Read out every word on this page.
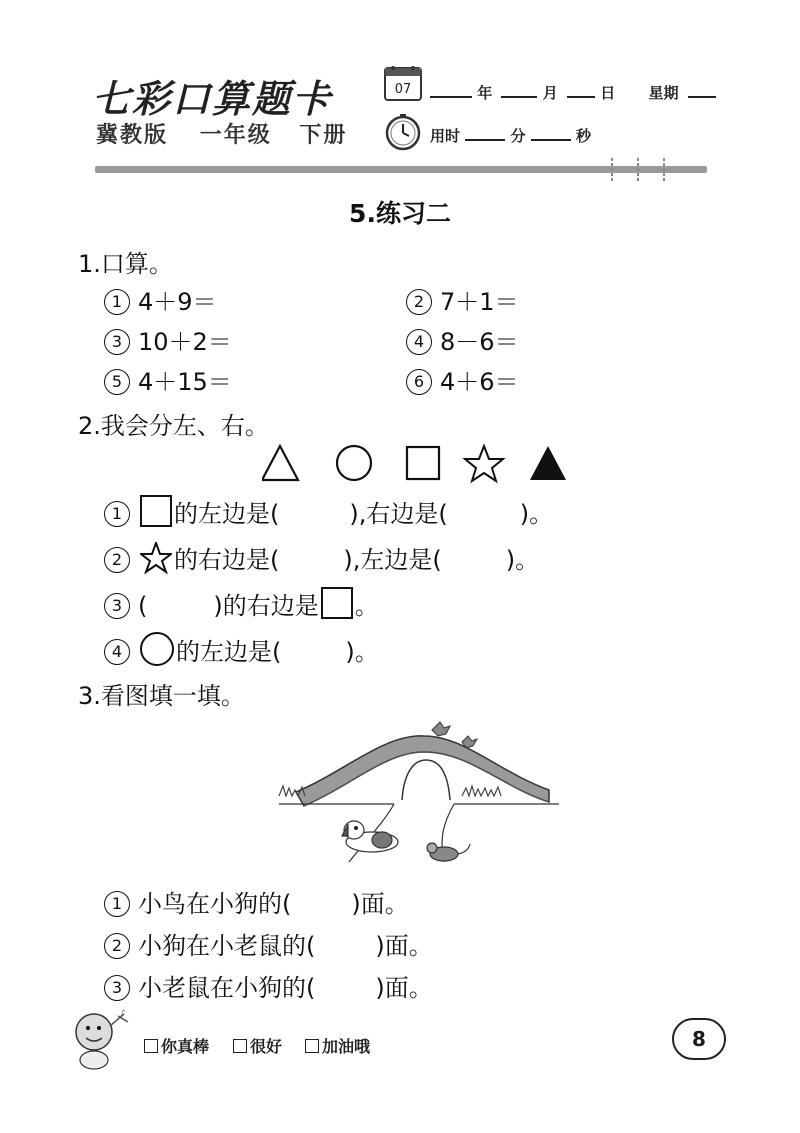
七彩口算题卡
冀教版 一年级 下册
07	年	月	日 星期
用时	分	秒
5.练习二
1.口算。
1 4＋9＝	2 7＋1＝
3 10＋2＝	4 8－6＝
5 4＋15＝	6 4＋6＝
2.我会分左、右。
1 的左边是(	),右边是(	)。
2 的右边是(	),左边是(	)。
3 (	)的右边是 。
4 的左边是(	)。
3.看图填一填。
1 小鸟在小狗的(	)面。
2 小狗在小老鼠的(	)面。
3 小老鼠在小狗的(	)面。
♪
你真棒	很好	加油哦	8
